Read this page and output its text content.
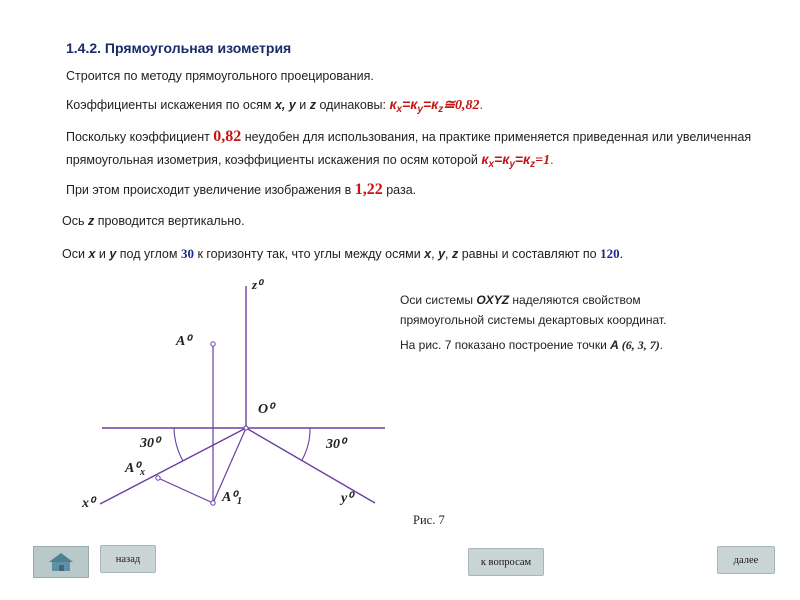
1.4.2. Прямоугольная изометрия
Строится по методу прямоугольного проецирования.
Коэффициенты искажения по осям x, y и z одинаковы: $к_x=к_y=к_z≅0,82$.
Поскольку коэффициент 0,82 неудобен для использования, на практике применяется приведенная или увеличенная
прямоугольная изометрия, коэффициенты искажения по осям которой $к_x=к_y=к_z=1$.
При этом происходит увеличение изображения в 1,22 раза.
Ось z проводится вертикально.
Оси x и y под углом 30 к горизонту так, что углы между осями x, y, z равны и составляют по 120.
z⁰
A⁰
O⁰
30⁰	30⁰
$A^0_x$
x⁰	$A^0_1$	y⁰
Рис. 7
Оси системы OXYZ наделяются свойством
прямоугольной системы декартовых координат.
На рис. 7 показано построение точки А (6, 3, 7).
назад	к вопросам	далее
